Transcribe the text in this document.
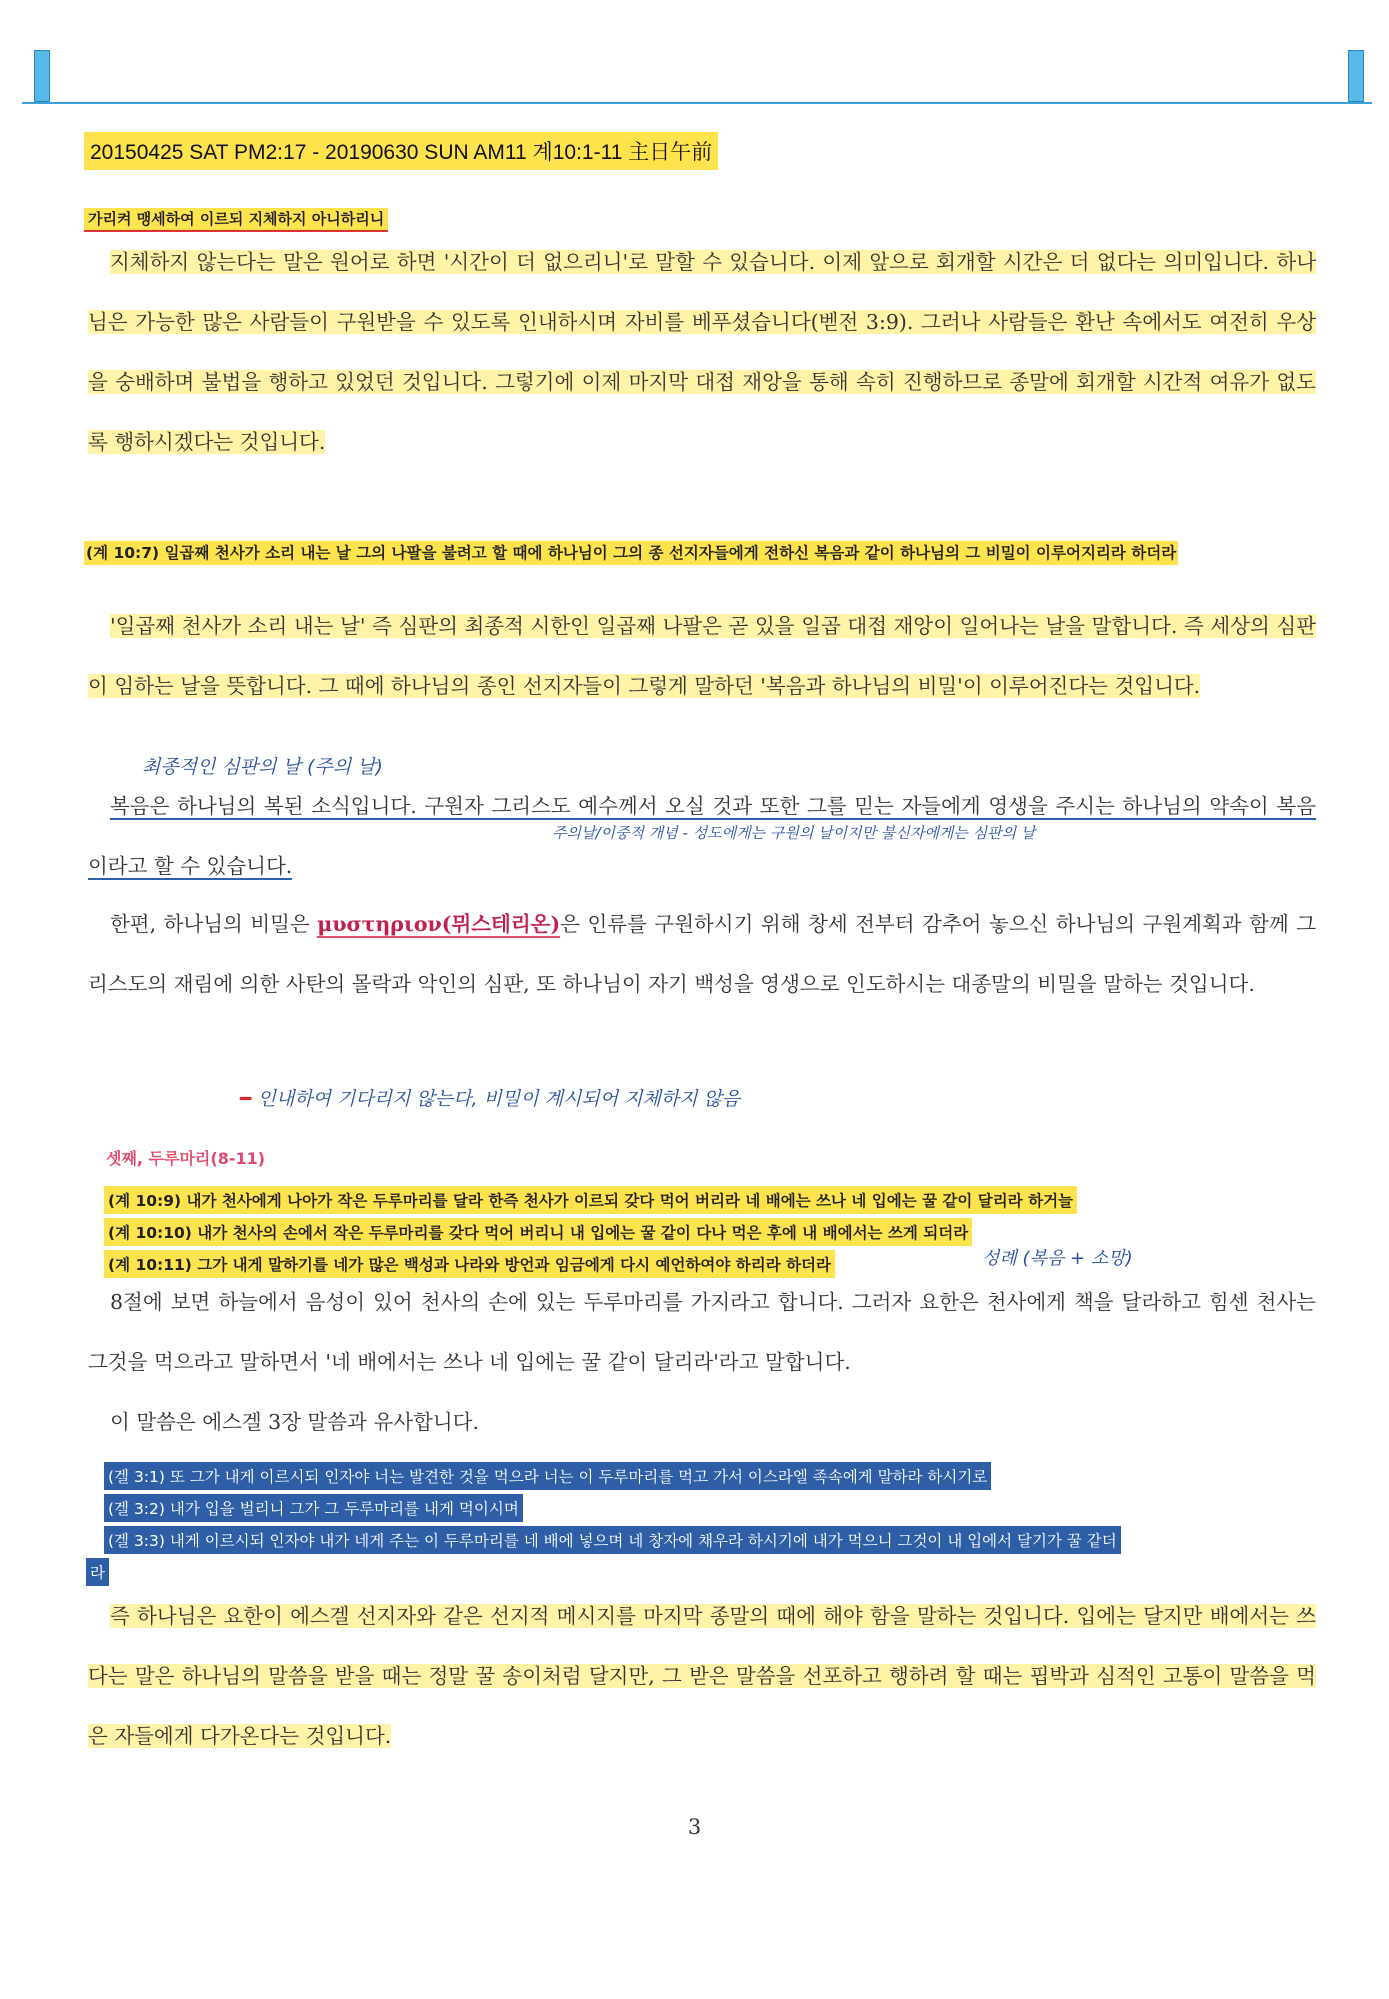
20150425 SAT PM2:17 - 20190630 SUN AM11 계10:1-11 主日午前
가리켜 맹세하여 이르되 지체하지 아니하리니
지체하지 않는다는 말은 원어로 하면 '시간이 더 없으리니'로 말할 수 있습니다. 이제 앞으로 회개할 시간은 더 없다는 의미입니다. 하나님은 가능한 많은 사람들이 구원받을 수 있도록 인내하시며 자비를 베푸셨습니다(벧전 3:9). 그러나 사람들은 환난 속에서도 여전히 우상을 숭배하며 불법을 행하고 있었던 것입니다. 그렇기에 이제 마지막 대접 재앙을 통해 속히 진행하므로 종말에 회개할 시간적 여유가 없도록 행하시겠다는 것입니다.
(계 10:7) 일곱째 천사가 소리 내는 날 그의 나팔을 불려고 할 때에 하나님이 그의 종 선지자들에게 전하신 복음과 같이 하나님의 그 비밀이 이루어지리라 하더라
'일곱째 천사가 소리 내는 날' 즉 심판의 최종적 시한인 일곱째 나팔은 곧 있을 일곱 대접 재앙이 일어나는 날을 말합니다. 즉 세상의 심판이 임하는 날을 뜻합니다. 그 때에 하나님의 종인 선지자들이 그렇게 말하던 '복음과 하나님의 비밀'이 이루어진다는 것입니다.
최종적인 심판의 날 (주의 날)
복음은 하나님의 복된 소식입니다. 구원자 그리스도 예수께서 오실 것과 또한 그를 믿는 자들에게 영생을 주시는 하나님의 약속이 복음이라고 할 수 있습니다.
주의날/이중적 개념 - 성도에게는 구원의 날이지만 불신자에게는 심판의 날
한편, 하나님의 비밀은 μυστηριον(뮈스테리온)은 인류를 구원하시기 위해 창세 전부터 감추어 놓으신 하나님의 구원계획과 함께 그리스도의 재림에 의한 사탄의 몰락과 악인의 심판, 또 하나님이 자기 백성을 영생으로 인도하시는 대종말의 비밀을 말하는 것입니다.
━ 인내하여 기다리지 않는다, 비밀이 계시되어 지체하지 않음
셋째, 두루마리(8-11)
(계 10:9) 내가 천사에게 나아가 작은 두루마리를 달라 한즉 천사가 이르되 갖다 먹어 버리라 네 배에는 쓰나 네 입에는 꿀 같이 달리라 하거늘
(계 10:10) 내가 천사의 손에서 작은 두루마리를 갖다 먹어 버리니 내 입에는 꿀 같이 다나 먹은 후에 내 배에서는 쓰게 되더라
(계 10:11) 그가 내게 말하기를 네가 많은 백성과 나라와 방언과 임금에게 다시 예언하여야 하리라 하더라	성례 (복음 + 소망)
8절에 보면 하늘에서 음성이 있어 천사의 손에 있는 두루마리를 가지라고 합니다. 그러자 요한은 천사에게 책을 달라하고 힘센 천사는 그것을 먹으라고 말하면서 '네 배에서는 쓰나 네 입에는 꿀 같이 달리라'라고 말합니다.
이 말씀은 에스겔 3장 말씀과 유사합니다.
(겔 3:1) 또 그가 내게 이르시되 인자야 너는 발견한 것을 먹으라 너는 이 두루마리를 먹고 가서 이스라엘 족속에게 말하라 하시기로
(겔 3:2) 내가 입을 벌리니 그가 그 두루마리를 내게 먹이시며
(겔 3:3) 내게 이르시되 인자야 내가 네게 주는 이 두루마리를 네 배에 넣으며 네 창자에 채우라 하시기에 내가 먹으니 그것이 내 입에서 달기가 꿀 같더
라
즉 하나님은 요한이 에스겔 선지자와 같은 선지적 메시지를 마지막 종말의 때에 해야 함을 말하는 것입니다. 입에는 달지만 배에서는 쓰다는 말은 하나님의 말씀을 받을 때는 정말 꿀 송이처럼 달지만, 그 받은 말씀을 선포하고 행하려 할 때는 핍박과 심적인 고통이 말씀을 먹은 자들에게 다가온다는 것입니다.
3
